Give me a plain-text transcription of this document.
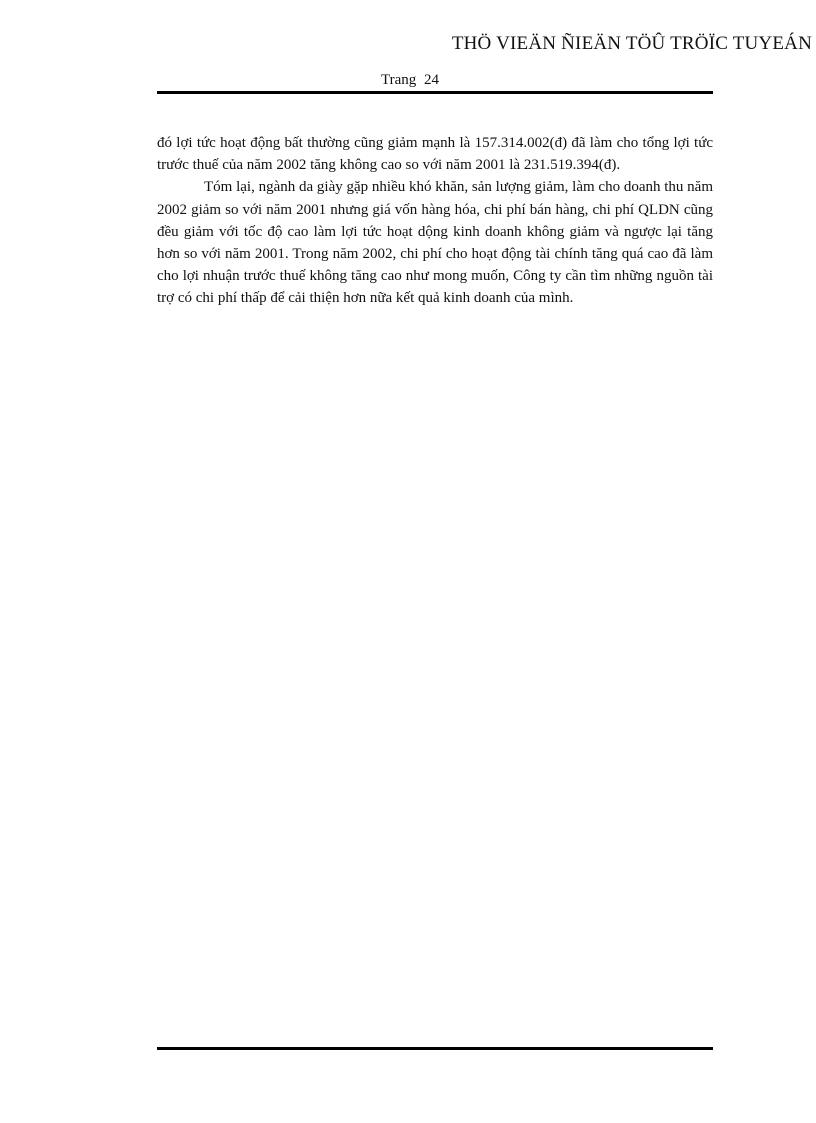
THÖ VIEÄN ÑIEÄN TÖÛ TRÖÏC TUYEÁN
Trang 24

đó lợi tức hoạt động bất thường cũng giảm mạnh là 157.314.002(đ) đã làm cho tổng lợi tức trước thuế của năm 2002 tăng không cao so với năm 2001 là 231.519.394(đ).

Tóm lại, ngành da giày gặp nhiều khó khăn, sản lượng giảm, làm cho doanh thu năm 2002 giảm so với năm 2001 nhưng giá vốn hàng hóa, chi phí bán hàng, chi phí QLDN cũng đều giảm với tốc độ cao làm lợi tức hoạt dộng kinh doanh không giảm và ngược lại tăng hơn so với năm 2001. Trong năm 2002, chi phí cho hoạt động tài chính tăng quá cao đã làm cho lợi nhuận trước thuế không tăng cao như mong muốn, Công ty cần tìm những nguồn tài trợ có chi phí thấp để cải thiện hơn nữa kết quả kinh doanh của mình.
